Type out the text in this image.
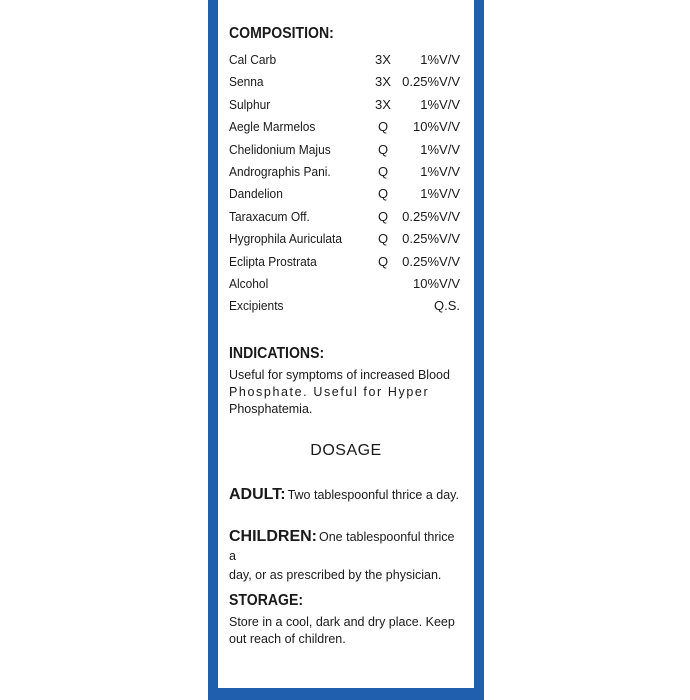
COMPOSITION:
Cal Carb	3X	1%V/V
Senna	3X 0.25%V/V
Sulphur	3X	1%V/V
Aegle Marmelos	Q	10%V/V
Chelidonium Majus	Q	1%V/V
Andrographis Pani.	Q	1%V/V
Dandelion	Q	1%V/V
Taraxacum Off.	Q	0.25%V/V
Hygrophila Auriculata	Q	0.25%V/V
Eclipta Prostrata	Q	0.25%V/V
Alcohol	10%V/V
Excipients	Q.S.
INDICATIONS:
Useful for symptoms of increased Blood
Phosphate. Useful for Hyper
Phosphatemia.
DOSAGE
ADULT: Two tablespoonful thrice a day.
CHILDREN: One tablespoonful thrice a
day, or as prescribed by the physician.
STORAGE:
Store in a cool, dark and dry place. Keep
out reach of children.
